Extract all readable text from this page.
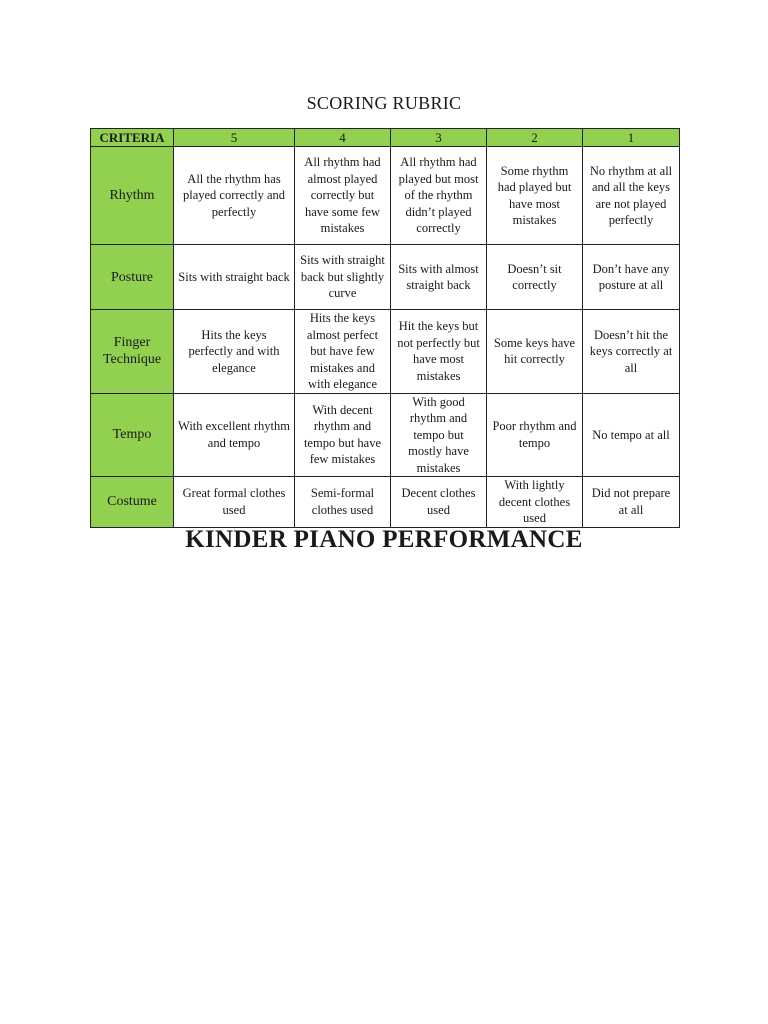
SCORING RUBRIC
CRITERIA	5	4	3	2	1
Rhythm	All the rhythm has played correctly and perfectly	All rhythm had almost played correctly but have some few mistakes	All rhythm had played but most of the rhythm didn’t played correctly	Some rhythm had played but have most mistakes	No rhythm at all and all the keys are not played perfectly
Posture	Sits with straight back	Sits with straight back but slightly curve	Sits with almost straight back	Doesn’t sit correctly	Don’t have any posture at all
Finger Technique	Hits the keys perfectly and with elegance	Hits the keys almost perfect but have few mistakes and with elegance	Hit the keys but not perfectly but have most mistakes	Some keys have hit correctly	Doesn’t hit the keys correctly at all
Tempo	With excellent rhythm and tempo	With decent rhythm and tempo but have few mistakes	With good rhythm and tempo but mostly have mistakes	Poor rhythm and tempo	No tempo at all
Costume	Great formal clothes used	Semi-formal clothes used	Decent clothes used	With lightly decent clothes used	Did not prepare at all
KINDER PIANO PERFORMANCE
